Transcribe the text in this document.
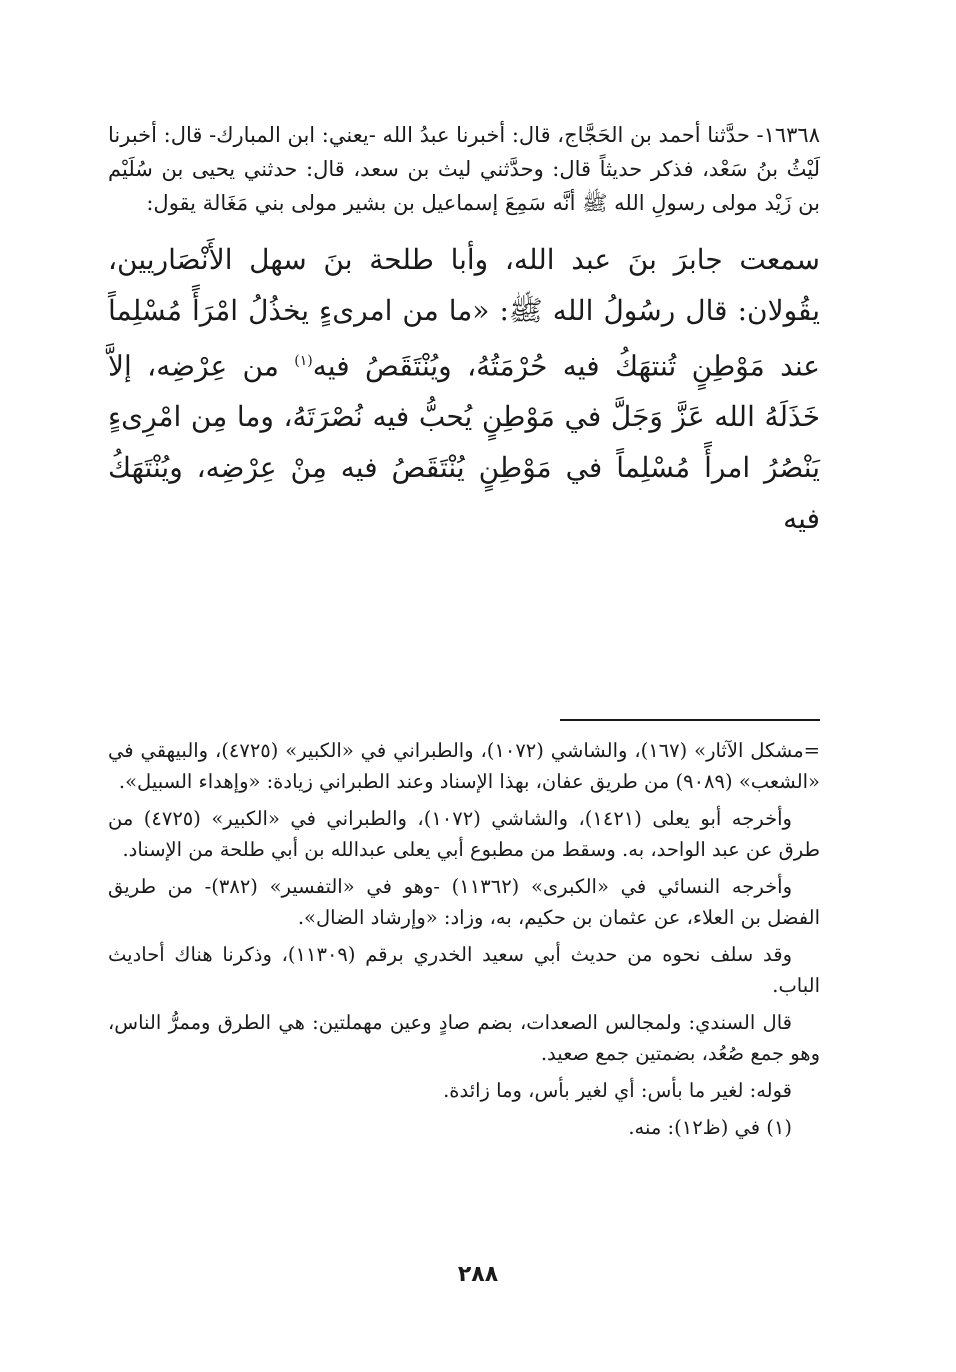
١٦٣٦٨- حدَّثنا أحمد بن الحَجَّاج، قال: أخبرنا عبدُ الله -يعني: ابن المبارك- قال: أخبرنا لَيْثُ بنُ سَعْد، فذكر حديثاً قال: وحدَّثني ليث بن سعد، قال: حدثني يحيى بن سُلَيْم بن زَيْد مولى رسولِ الله ﷺ أنَّه سَمِعَ إسماعيل بن بشير مولى بني مَغَالة يقول:

سمعت جابرَ بنَ عبد الله، وأبا طلحة بنَ سهل الأَنْصَاريين، يقُولان: قال رسُولُ الله ﷺ: «ما من امرىءٍ يخذُلُ امْرَأً مُسْلِماً عند مَوْطِنٍ تُنتهَكُ فيه حُرْمَتُهُ، ويُنْتَقَصُ فيه$^{(١)}$ من عِرْضِه، إلاَّ خَذَلَهُ الله عَزَّ وَجَلَّ في مَوْطِنٍ يُحبُّ فيه نُصْرَتَهُ، وما مِن امْرِىءٍ يَنْصُرُ امرأً مُسْلِماً في مَوْطِنٍ يُنْتَقَصُ فيه مِنْ عِرْضِه، ويُنْتَهَكُ فيه

=مشكل الآثار» (١٦٧)، والشاشي (١٠٧٢)، والطبراني في «الكبير» (٤٧٢٥)، والبيهقي في «الشعب» (٩٠٨٩) من طريق عفان، بهذا الإسناد وعند الطبراني زيادة: «وإهداء السبيل».

وأخرجه أبو يعلى (١٤٢١)، والشاشي (١٠٧٢)، والطبراني في «الكبير» (٤٧٢٥) من طرق عن عبد الواحد، به. وسقط من مطبوع أبي يعلى عبدالله بن أبي طلحة من الإسناد.

وأخرجه النسائي في «الكبرى» (١١٣٦٢) -وهو في «التفسير» (٣٨٢)- من طريق الفضل بن العلاء، عن عثمان بن حكيم، به، وزاد: «وإرشاد الضال».

وقد سلف نحوه من حديث أبي سعيد الخدري برقم (١١٣٠٩)، وذكرنا هناك أحاديث الباب.

قال السندي: ولمجالس الصعدات، بضم صادٍ وعين مهملتين: هي الطرق وممرُّ الناس، وهو جمع صُعُد، بضمتين جمع صعيد.

قوله: لغير ما بأس: أي لغير بأس، وما زائدة.

(١) في (ظ١٢): منه.

٢٨٨
